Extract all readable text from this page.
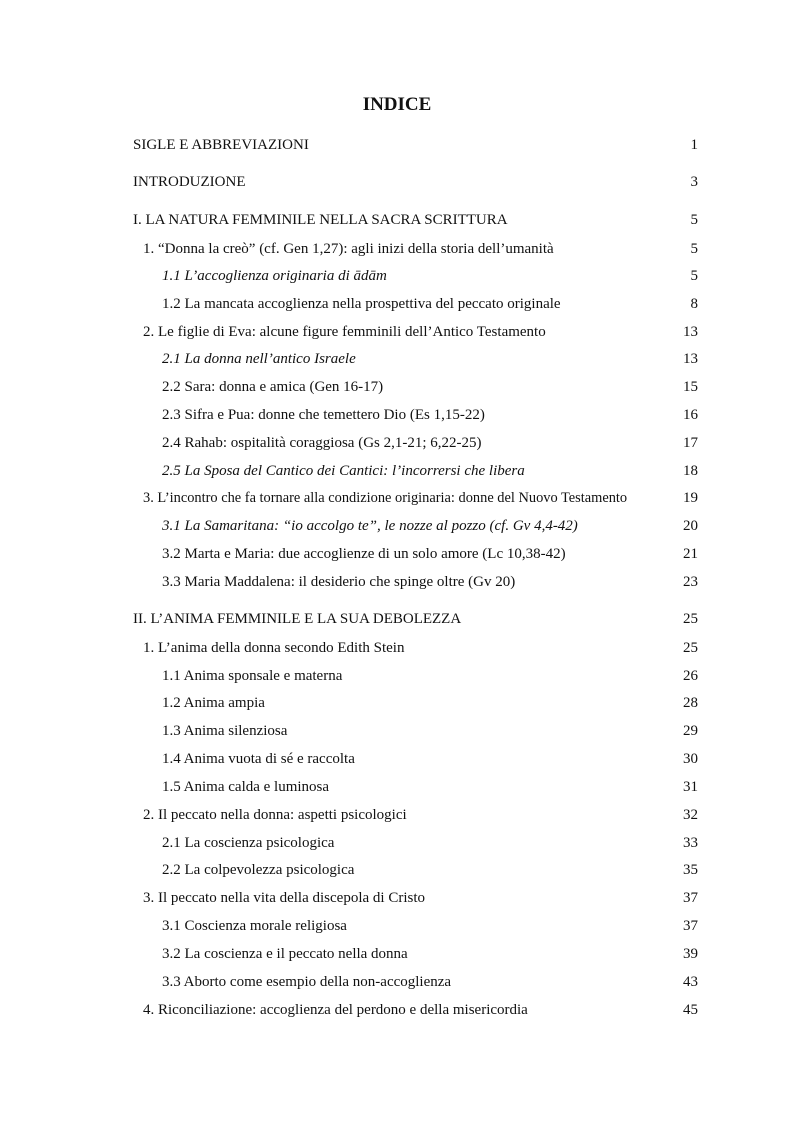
INDICE
SIGLE E ABBREVIAZIONI	1
INTRODUZIONE	3
I. LA NATURA FEMMINILE NELLA SACRA SCRITTURA	5
1. “Donna la creò” (cf. Gen 1,27): agli inizi della storia dell’umanità	5
1.1 L’accoglienza originaria di ādām	5
1.2 La mancata accoglienza nella prospettiva del peccato originale	8
2. Le figlie di Eva: alcune figure femminili dell’Antico Testamento	13
2.1 La donna nell’antico Israele	13
2.2 Sara: donna e amica (Gen 16-17)	15
2.3 Sifra e Pua: donne che temettero Dio (Es 1,15-22)	16
2.4 Rahab: ospitalità coraggiosa (Gs 2,1-21; 6,22-25)	17
2.5 La Sposa del Cantico dei Cantici: l’incorrersi che libera	18
3. L’incontro che fa tornare alla condizione originaria: donne del Nuovo Testamento	19
3.1 La Samaritana: “io accolgo te”, le nozze al pozzo (cf. Gv 4,4-42)	20
3.2 Marta e Maria: due accoglienze di un solo amore (Lc 10,38-42)	21
3.3 Maria Maddalena: il desiderio che spinge oltre (Gv 20)	23
II. L’ANIMA FEMMINILE E LA SUA DEBOLEZZA	25
1. L’anima della donna secondo Edith Stein	25
1.1 Anima sponsale e materna	26
1.2 Anima ampia	28
1.3 Anima silenziosa	29
1.4 Anima vuota di sé e raccolta	30
1.5 Anima calda e luminosa	31
2. Il peccato nella donna: aspetti psicologici	32
2.1 La coscienza psicologica	33
2.2 La colpevolezza psicologica	35
3. Il peccato nella vita della discepola di Cristo	37
3.1 Coscienza morale religiosa	37
3.2 La coscienza e il peccato nella donna	39
3.3 Aborto come esempio della non-accoglienza	43
4. Riconciliazione: accoglienza del perdono e della misericordia	45
